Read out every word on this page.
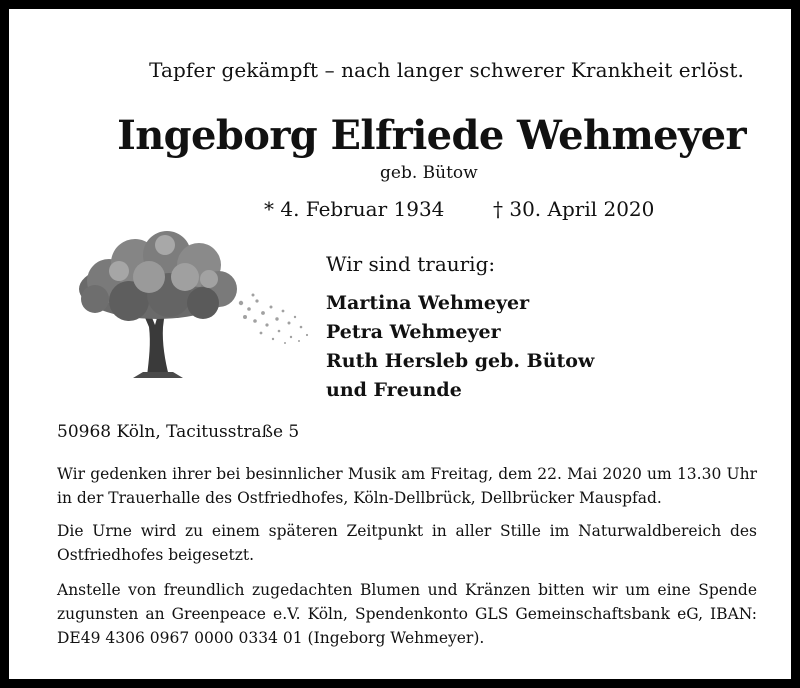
Tapfer gekämpft – nach langer schwerer Krankheit erlöst.
Ingeborg Elfriede Wehmeyer
geb. Bütow
* 4. Februar 1934 † 30. April 2020
Wir sind traurig:
Martina Wehmeyer
Petra Wehmeyer
Ruth Hersleb geb. Bütow
und Freunde
50968 Köln, Tacitusstraße 5
Wir gedenken ihrer bei besinnlicher Musik am Freitag, dem 22. Mai 2020 um 13.30 Uhr in der Trauerhalle des Ostfriedhofes, Köln-Dellbrück, Dellbrücker Mauspfad.
Die Urne wird zu einem späteren Zeitpunkt in aller Stille im Naturwaldbereich des Ostfriedhofes beigesetzt.
Anstelle von freundlich zugedachten Blumen und Kränzen bitten wir um eine Spende zugunsten an Greenpeace e.V. Köln, Spendenkonto GLS Gemeinschaftsbank eG, IBAN: DE49 4306 0967 0000 0334 01 (Ingeborg Wehmeyer).
